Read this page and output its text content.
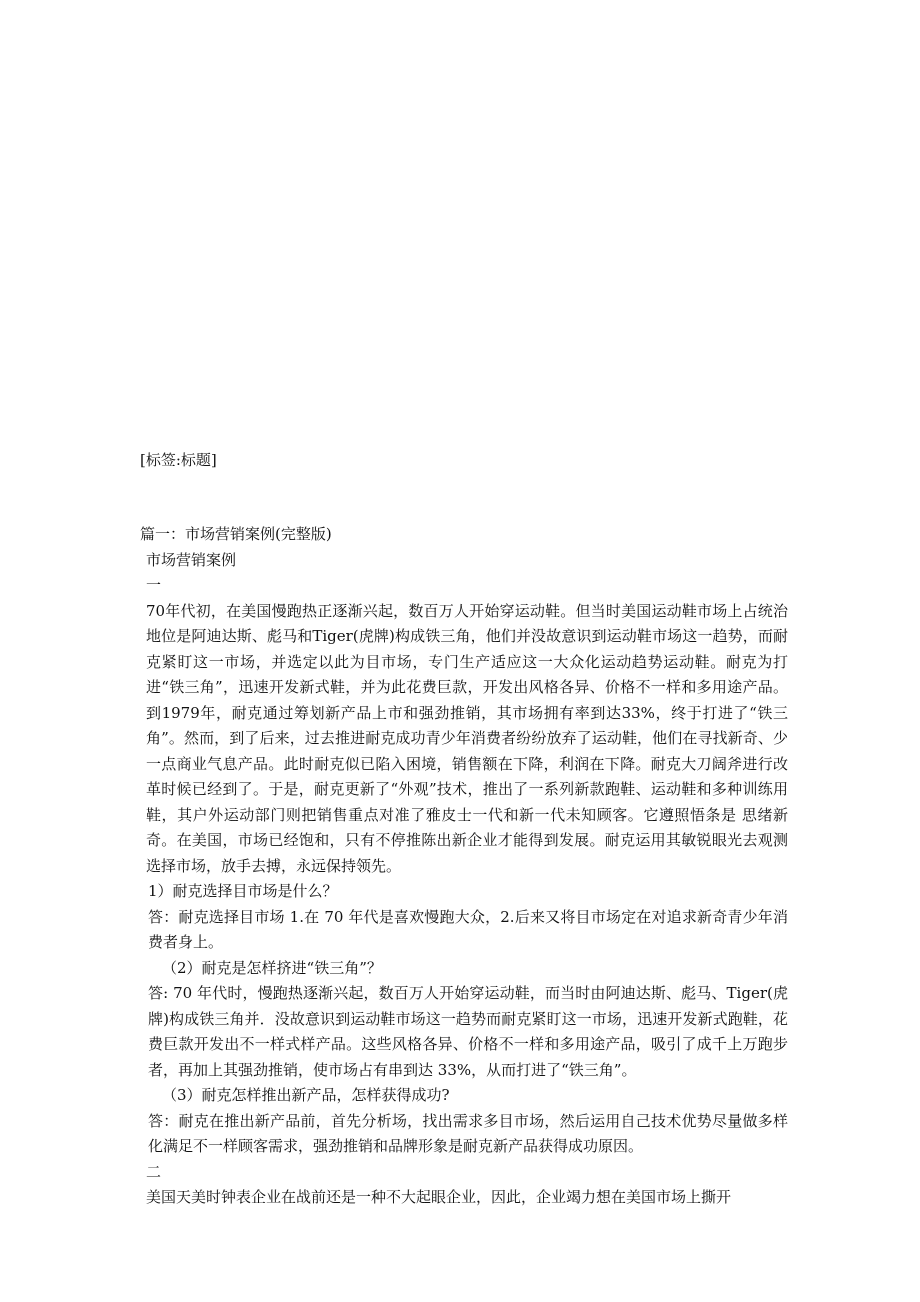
[标签:标题]

篇一：市场营销案例(完整版)

市场营销案例

一

70年代初，在美国慢跑热正逐渐兴起，数百万人开始穿运动鞋。但当时美国运动鞋市场上占统治地位是阿迪达斯、彪马和Tiger(虎牌)构成铁三角，他们并没故意识到运动鞋市场这一趋势，而耐克紧盯这一市场，并选定以此为目市场，专门生产适应这一大众化运动趋势运动鞋。耐克为打进“铁三角”，迅速开发新式鞋，并为此花费巨款，开发出风格各异、价格不一样和多用途产品。到1979年，耐克通过筹划新产品上市和强劲推销，其市场拥有率到达33%，终于打进了“铁三角”。然而，到了后来，过去推进耐克成功青少年消费者纷纷放弃了运动鞋，他们在寻找新奇、少一点商业气息产品。此时耐克似已陷入困境，销售额在下降，利润在下降。耐克大刀阔斧进行改革时候已经到了。于是，耐克更新了“外观”技术，推出了一系列新款跑鞋、运动鞋和多种训练用鞋，其户外运动部门则把销售重点对准了雅皮士一代和新一代未知顾客。它遵照悟条是 思绪新奇。在美国，市场已经饱和，只有不停推陈出新企业才能得到发展。耐克运用其敏锐眼光去观测选择市场，放手去搏，永远保持领先。

1）耐克选择目市场是什么？

答：耐克选择目市场 1.在 70 年代是喜欢慢跑大众，2.后来又将目市场定在对追求新奇青少年消费者身上。

（2）耐克是怎样挤进“铁三角”？

答: 70 年代时，慢跑热逐渐兴起，数百万人开始穿运动鞋，而当时由阿迪达斯、彪马、Tiger(虎牌)构成铁三角并．没故意识到运动鞋市场这一趋势而耐克紧盯这一市场，迅速开发新式跑鞋，花费巨款开发出不一样式样产品。这些风格各异、价格不一样和多用途产品，吸引了成千上万跑步者，再加上其强劲推销，使市场占有串到达 33%，从而打进了“铁三角”。

（3）耐克怎样推出新产品，怎样获得成功?

答：耐克在推出新产品前，首先分析场，找出需求多目市场，然后运用自己技术优势尽量做多样化满足不一样顾客需求，强劲推销和品牌形象是耐克新产品获得成功原因。

二

美国天美时钟表企业在战前还是一种不大起眼企业，因此，企业竭力想在美国市场上撕开
